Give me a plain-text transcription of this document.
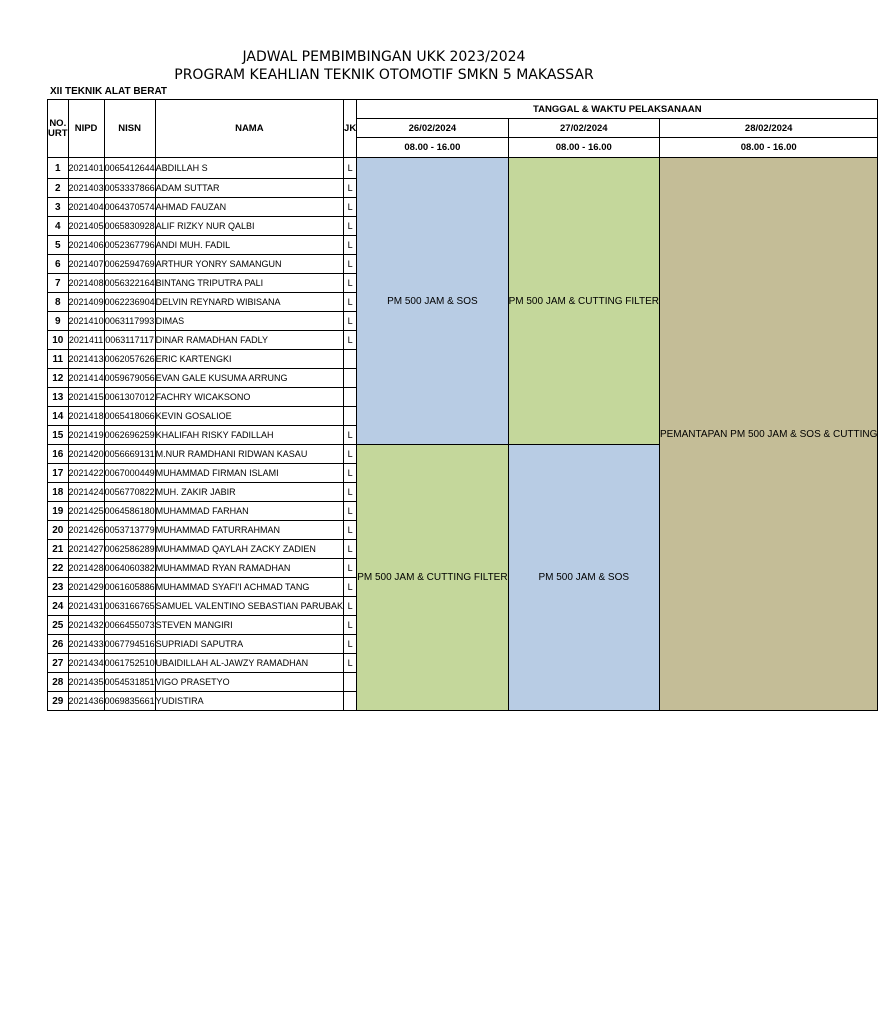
JADWAL PEMBIMBINGAN UKK 2023/2024
PROGRAM KEAHLIAN TEKNIK OTOMOTIF SMKN 5 MAKASSAR
XII TEKNIK ALAT BERAT
NO. URT	NIPD	NISN	NAMA	JK	TANGGAL & WAKTU PELAKSANAAN		
					26/02/2024	27/02/2024	28/02/2024
					08.00 - 16.00	08.00 - 16.00	08.00 - 16.00
1	2021401	0065412644	ABDILLAH S	L	PM 500 JAM & SOS	PM 500 JAM & CUTTING FILTER	PEMANTAPAN PM 500 JAM & SOS & CUTTING
2	2021403	0053337866	ADAM SUTTAR	L			
3	2021404	0064370574	AHMAD FAUZAN	L			
4	2021405	0065830928	ALIF RIZKY NUR QALBI	L			
5	2021406	0052367796	ANDI MUH. FADIL	L			
6	2021407	0062594769	ARTHUR YONRY SAMANGUN	L			
7	2021408	0056322164	BINTANG TRIPUTRA PALI	L			
8	2021409	0062236904	DELVIN REYNARD WIBISANA	L			
9	2021410	0063117993	DIMAS	L			
10	2021411	0063117117	DINAR RAMADHAN FADLY	L			
11	2021413	0062057626	ERIC KARTENGKI				
12	2021414	0059679056	EVAN GALE KUSUMA ARRUNG				
13	2021415	0061307012	FACHRY WICAKSONO				
14	2021418	0065418066	KEVIN GOSALIOE				
15	2021419	0062696259	KHALIFAH RISKY FADILLAH	L			
16	2021420	0056669131	M.NUR RAMDHANI RIDWAN KASAU	L	PM 500 JAM & CUTTING FILTER	PM 500 JAM & SOS	
17	2021422	0067000449	MUHAMMAD FIRMAN ISLAMI	L			
18	2021424	0056770822	MUH. ZAKIR JABIR	L			
19	2021425	0064586180	MUHAMMAD FARHAN	L			
20	2021426	0053713779	MUHAMMAD FATURRAHMAN	L			
21	2021427	0062586289	MUHAMMAD QAYLAH ZACKY ZADIEN	L			
22	2021428	0064060382	MUHAMMAD RYAN RAMADHAN	L			
23	2021429	0061605886	MUHAMMAD SYAFI'I ACHMAD TANG	L			
24	2021431	0063166765	SAMUEL VALENTINO SEBASTIAN PARUBAK	L			
25	2021432	0066455073	STEVEN MANGIRI	L			
26	2021433	0067794516	SUPRIADI SAPUTRA	L			
27	2021434	0061752510	UBAIDILLAH AL-JAWZY RAMADHAN	L			
28	2021435	0054531851	VIGO PRASETYO				
29	2021436	0069835661	YUDISTIRA				
